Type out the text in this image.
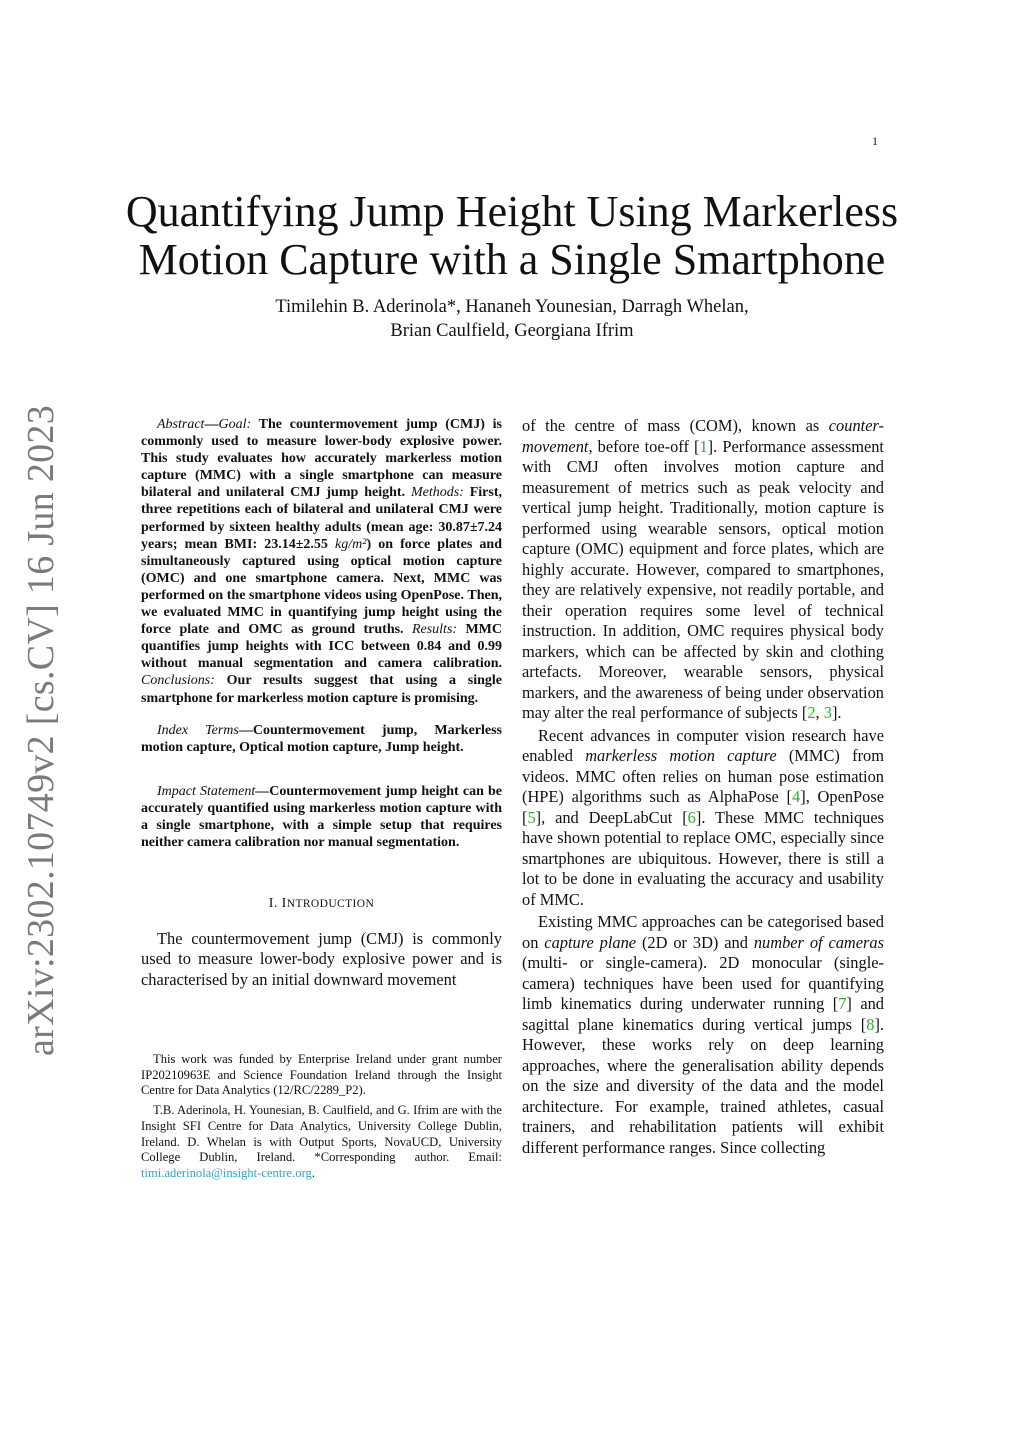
1
arXiv:2302.10749v2 [cs.CV] 16 Jun 2023
Quantifying Jump Height Using Markerless
Motion Capture with a Single Smartphone
Timilehin B. Aderinola*, Hananeh Younesian, Darragh Whelan,
Brian Caulfield, Georgiana Ifrim

Abstract—Goal: The countermovement jump (CMJ) is commonly used to measure lower-body explosive power. This study evaluates how accurately markerless motion capture (MMC) with a single smartphone can measure bilateral and unilateral CMJ jump height. Methods: First, three repetitions each of bilateral and unilateral CMJ were performed by sixteen healthy adults (mean age: 30.87±7.24 years; mean BMI: 23.14±2.55 kg/m²) on force plates and simultaneously captured using optical motion capture (OMC) and one smartphone camera. Next, MMC was performed on the smartphone videos using OpenPose. Then, we evaluated MMC in quantifying jump height using the force plate and OMC as ground truths. Results: MMC quantifies jump heights with ICC between 0.84 and 0.99 without manual segmentation and camera calibration. Conclusions: Our results suggest that using a single smartphone for markerless motion capture is promising.

Index Terms—Countermovement jump, Markerless motion capture, Optical motion capture, Jump height.

Impact Statement—Countermovement jump height can be accurately quantified using markerless motion capture with a single smartphone, with a simple setup that requires neither camera calibration nor manual segmentation.

I. INTRODUCTION

The countermovement jump (CMJ) is commonly used to measure lower-body explosive power and is characterised by an initial downward movement

This work was funded by Enterprise Ireland under grant number IP20210963E and Science Foundation Ireland through the Insight Centre for Data Analytics (12/RC/2289_P2).

T.B. Aderinola, H. Younesian, B. Caulfield, and G. Ifrim are with the Insight SFI Centre for Data Analytics, University College Dublin, Ireland. D. Whelan is with Output Sports, NovaUCD, University College Dublin, Ireland. *Corresponding author. Email: timi.aderinola@insight-centre.org.

of the centre of mass (COM), known as counter-movement, before toe-off [1]. Performance assessment with CMJ often involves motion capture and measurement of metrics such as peak velocity and vertical jump height. Traditionally, motion capture is performed using wearable sensors, optical motion capture (OMC) equipment and force plates, which are highly accurate. However, compared to smartphones, they are relatively expensive, not readily portable, and their operation requires some level of technical instruction. In addition, OMC requires physical body markers, which can be affected by skin and clothing artefacts. Moreover, wearable sensors, physical markers, and the awareness of being under observation may alter the real performance of subjects [2, 3].

Recent advances in computer vision research have enabled markerless motion capture (MMC) from videos. MMC often relies on human pose estimation (HPE) algorithms such as AlphaPose [4], OpenPose [5], and DeepLabCut [6]. These MMC techniques have shown potential to replace OMC, especially since smartphones are ubiquitous. However, there is still a lot to be done in evaluating the accuracy and usability of MMC.

Existing MMC approaches can be categorised based on capture plane (2D or 3D) and number of cameras (multi- or single-camera). 2D monocular (single-camera) techniques have been used for quantifying limb kinematics during underwater running [7] and sagittal plane kinematics during vertical jumps [8]. However, these works rely on deep learning approaches, where the generalisation ability depends on the size and diversity of the data and the model architecture. For example, trained athletes, casual trainers, and rehabilitation patients will exhibit different performance ranges. Since collecting
